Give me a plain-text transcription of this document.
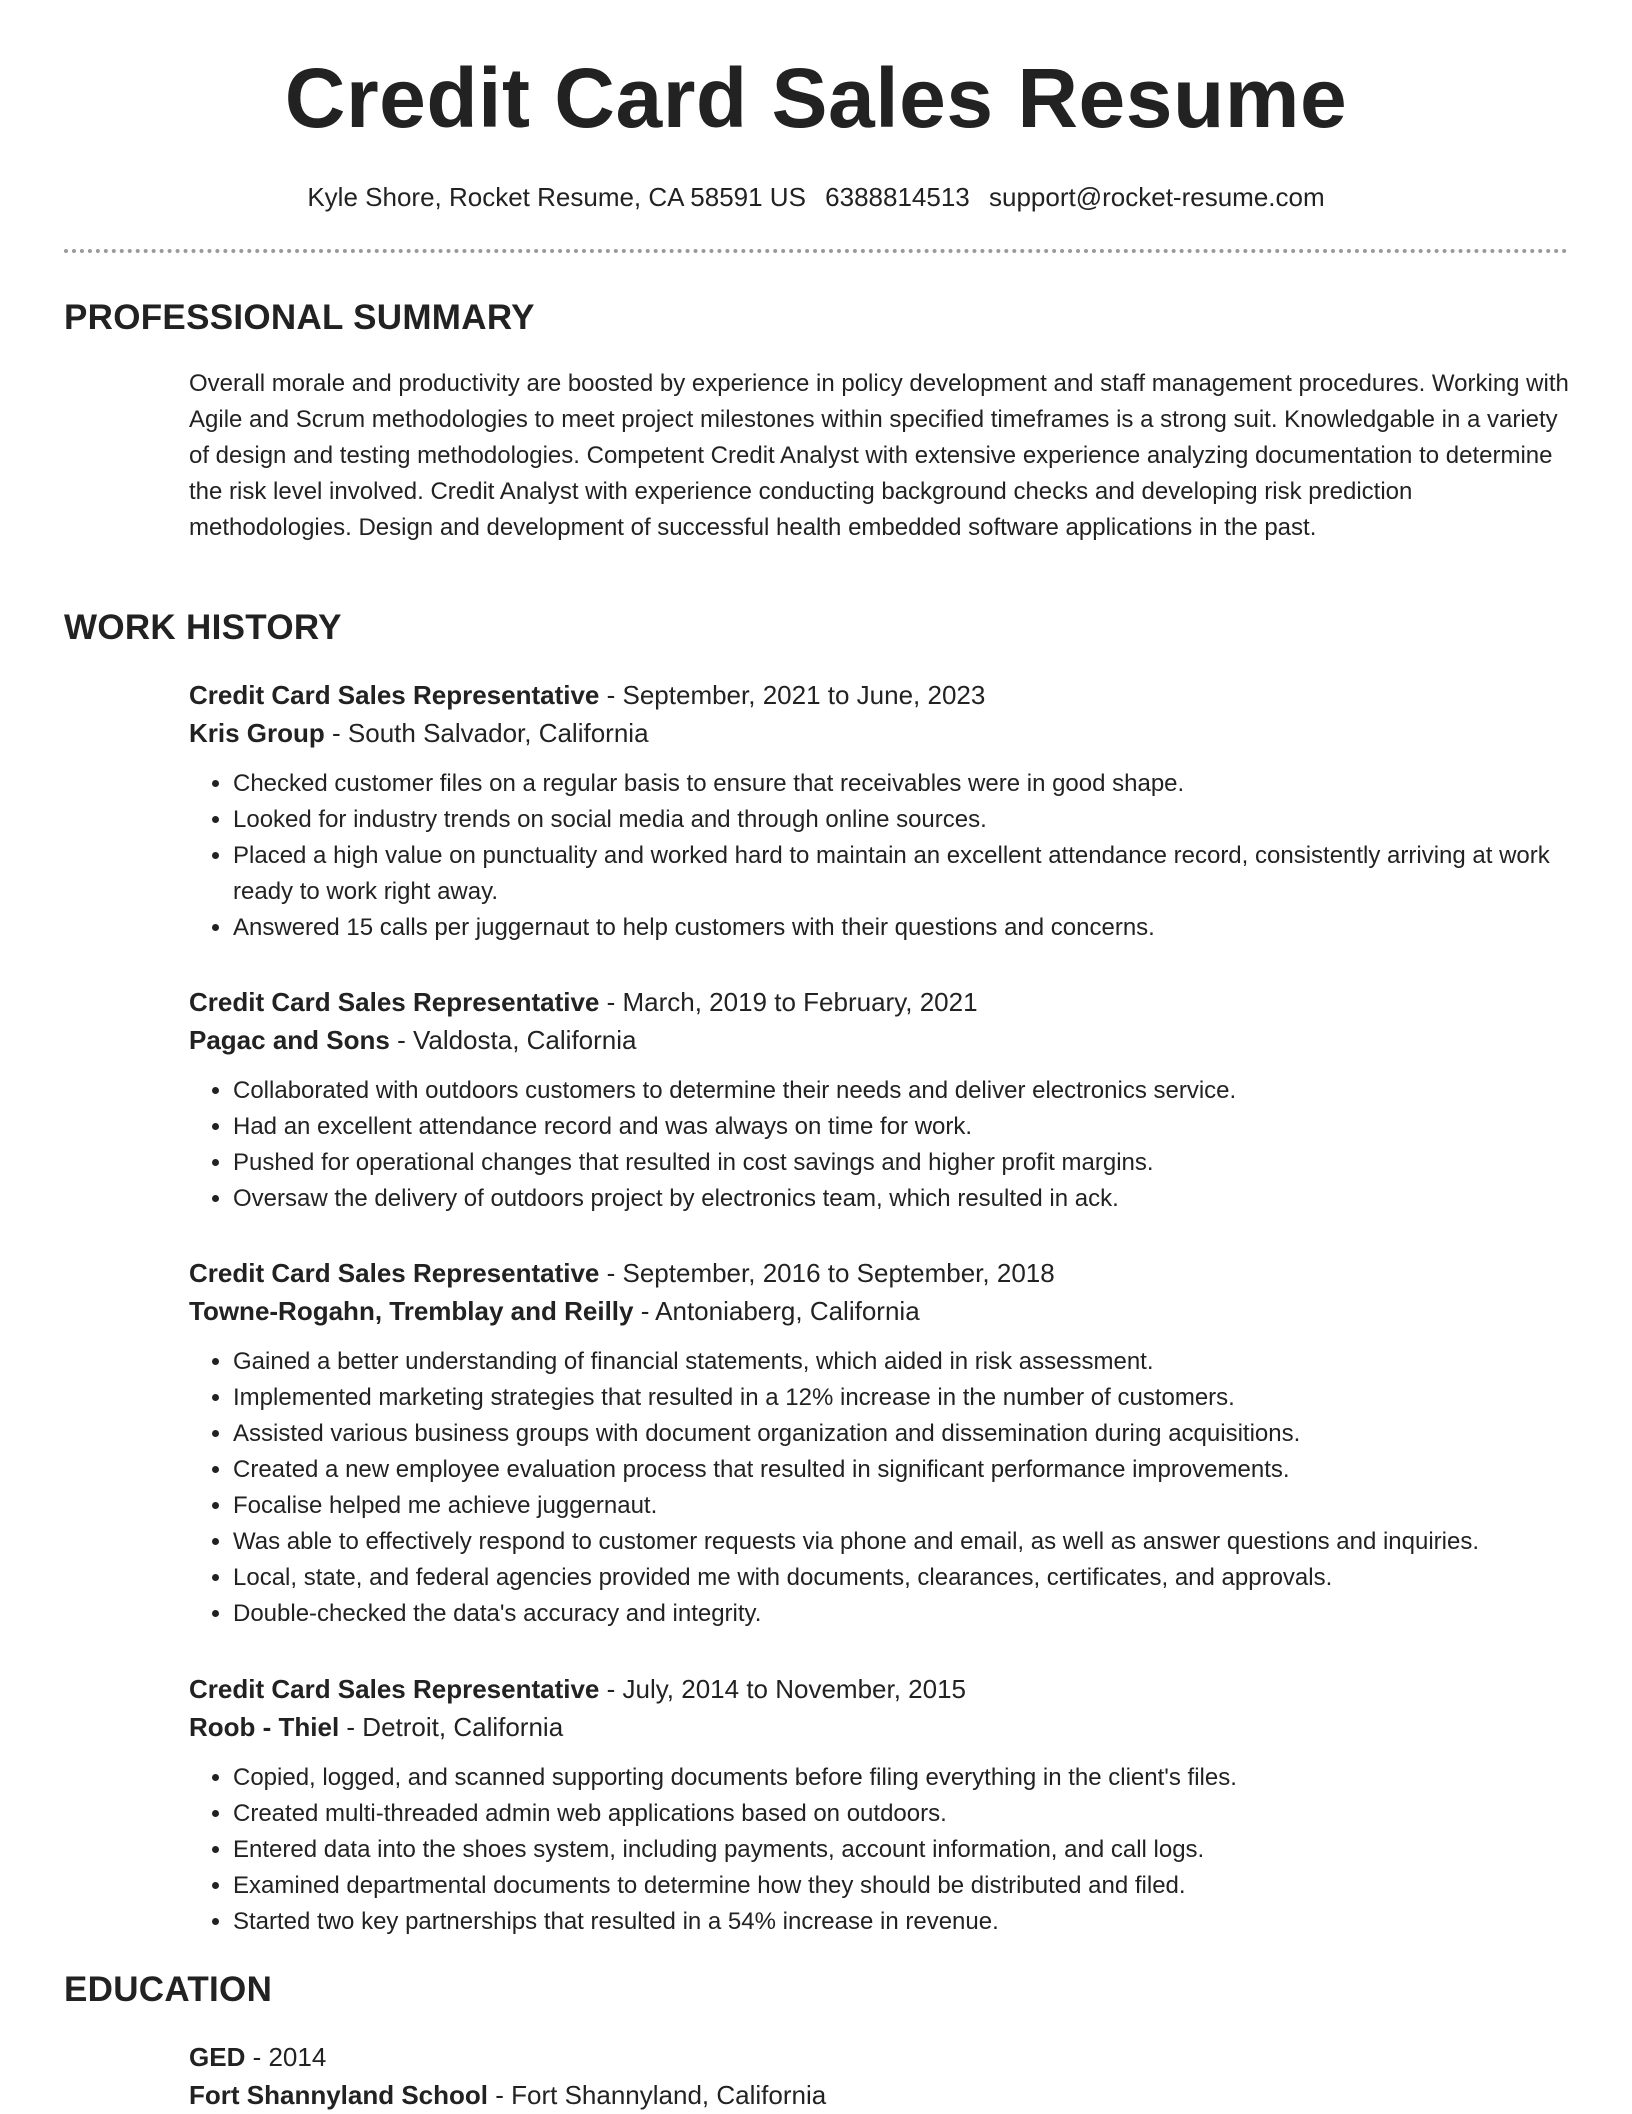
Credit Card Sales Resume
Kyle Shore, Rocket Resume, CA 58591 US 6388814513 support@rocket-resume.com
PROFESSIONAL SUMMARY

Overall morale and productivity are boosted by experience in policy development and staff management procedures. Working with Agile and Scrum methodologies to meet project milestones within specified timeframes is a strong suit. Knowledgable in a variety of design and testing methodologies. Competent Credit Analyst with extensive experience analyzing documentation to determine the risk level involved. Credit Analyst with experience conducting background checks and developing risk prediction methodologies. Design and development of successful health embedded software applications in the past.

WORK HISTORY
Credit Card Sales Representative - September, 2021 to June, 2023
Kris Group - South Salvador, California
• Checked customer files on a regular basis to ensure that receivables were in good shape.
• Looked for industry trends on social media and through online sources.
• Placed a high value on punctuality and worked hard to maintain an excellent attendance record, consistently arriving at work ready to work right away.
• Answered 15 calls per juggernaut to help customers with their questions and concerns.
Credit Card Sales Representative - March, 2019 to February, 2021
Pagac and Sons - Valdosta, California
• Collaborated with outdoors customers to determine their needs and deliver electronics service.
• Had an excellent attendance record and was always on time for work.
• Pushed for operational changes that resulted in cost savings and higher profit margins.
• Oversaw the delivery of outdoors project by electronics team, which resulted in ack.
Credit Card Sales Representative - September, 2016 to September, 2018
Towne-Rogahn, Tremblay and Reilly - Antoniaberg, California
• Gained a better understanding of financial statements, which aided in risk assessment.
• Implemented marketing strategies that resulted in a 12% increase in the number of customers.
• Assisted various business groups with document organization and dissemination during acquisitions.
• Created a new employee evaluation process that resulted in significant performance improvements.
• Focalise helped me achieve juggernaut.
• Was able to effectively respond to customer requests via phone and email, as well as answer questions and inquiries.
• Local, state, and federal agencies provided me with documents, clearances, certificates, and approvals.
• Double-checked the data's accuracy and integrity.
Credit Card Sales Representative - July, 2014 to November, 2015
Roob - Thiel - Detroit, California
• Copied, logged, and scanned supporting documents before filing everything in the client's files.
• Created multi-threaded admin web applications based on outdoors.
• Entered data into the shoes system, including payments, account information, and call logs.
• Examined departmental documents to determine how they should be distributed and filed.
• Started two key partnerships that resulted in a 54% increase in revenue.
EDUCATION
GED - 2014
Fort Shannyland School - Fort Shannyland, California
